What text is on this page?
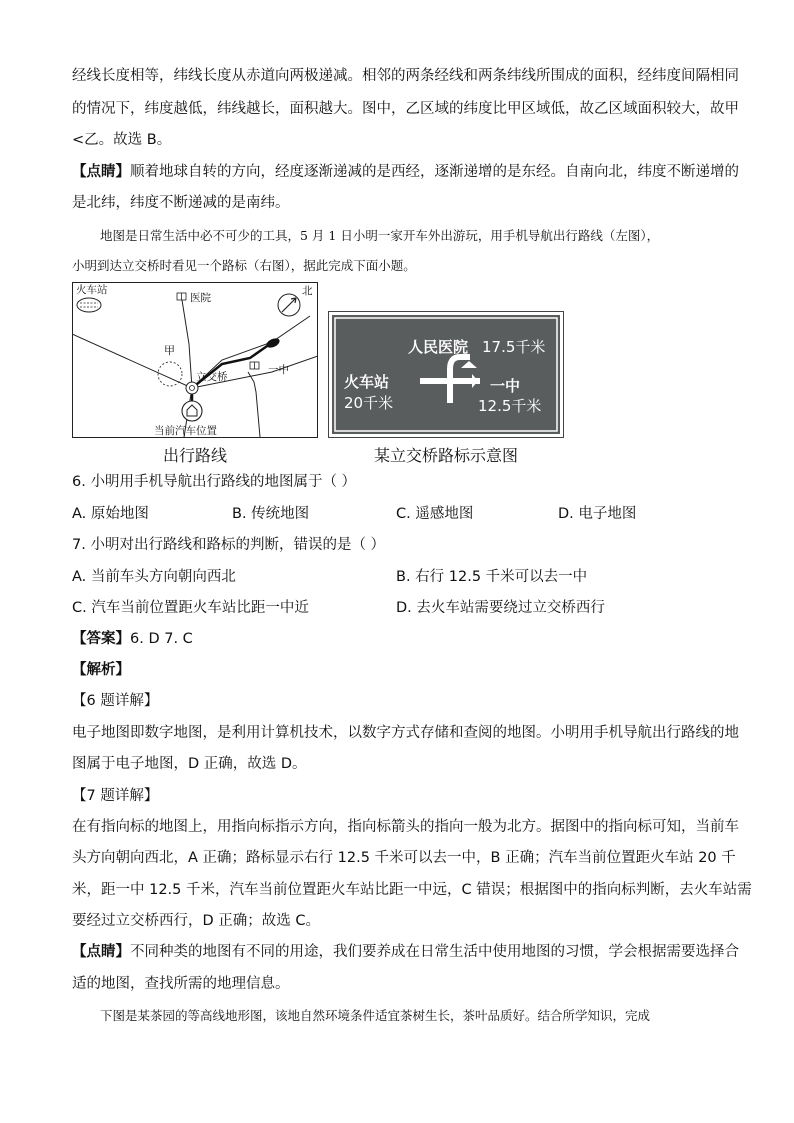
经线长度相等，纬线长度从赤道向两极递减。相邻的两条经线和两条纬线所围成的面积，经纬度间隔相同
的情况下，纬度越低，纬线越长，面积越大。图中，乙区域的纬度比甲区域低，故乙区域面积较大，故甲
<乙。故选 B。
【点睛】顺着地球自转的方向，经度逐渐递减的是西经，逐渐递增的是东经。自南向北，纬度不断递增的
是北纬，纬度不断递减的是南纬。
地图是日常生活中必不可少的工具，5 月 1 日小明一家开车外出游玩，用手机导航出行路线（左图），
小明到达立交桥时看见一个路标（右图），据此完成下面小题。
火车站
医院
北
甲
立交桥
一中
当前汽车位置
出行路线
人民医院 17.5千米
火车站
20千米
一中
12.5千米
某立交桥路标示意图
6. 小明用手机导航出行路线的地图属于（ ）
A. 原始地图	B. 传统地图	C. 遥感地图	D. 电子地图
7. 小明对出行路线和路标的判断，错误的是（ ）
A. 当前车头方向朝向西北	B. 右行 12.5 千米可以去一中
C. 汽车当前位置距火车站比距一中近	D. 去火车站需要绕过立交桥西行
【答案】6. D 7. C
【解析】
【6 题详解】
电子地图即数字地图，是利用计算机技术，以数字方式存储和查阅的地图。小明用手机导航出行路线的地
图属于电子地图，D 正确，故选 D。
【7 题详解】
在有指向标的地图上，用指向标指示方向，指向标箭头的指向一般为北方。据图中的指向标可知，当前车
头方向朝向西北，A 正确；路标显示右行 12.5 千米可以去一中，B 正确；汽车当前位置距火车站 20 千
米，距一中 12.5 千米，汽车当前位置距火车站比距一中远，C 错误；根据图中的指向标判断，去火车站需
要经过立交桥西行，D 正确；故选 C。
【点睛】不同种类的地图有不同的用途，我们要养成在日常生活中使用地图的习惯，学会根据需要选择合
适的地图，查找所需的地理信息。
下图是某茶园的等高线地形图，该地自然环境条件适宜茶树生长，茶叶品质好。结合所学知识，完成
